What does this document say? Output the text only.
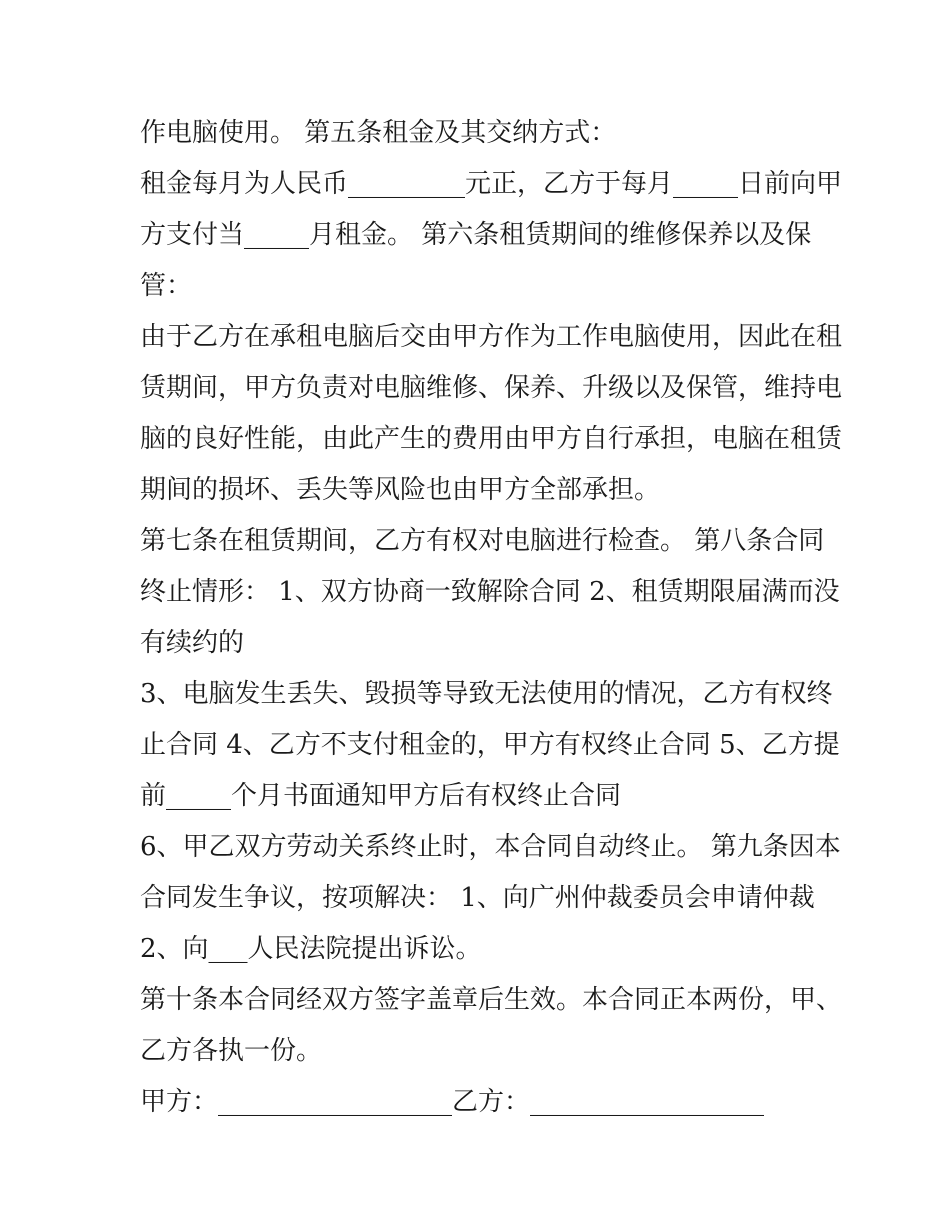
作电脑使用。 第五条租金及其交纳方式：
租金每月为人民币_________元正，乙方于每月_____日前向甲
方支付当_____月租金。 第六条租赁期间的维修保养以及保
管：
由于乙方在承租电脑后交由甲方作为工作电脑使用，因此在租
赁期间，甲方负责对电脑维修、保养、升级以及保管，维持电
脑的良好性能，由此产生的费用由甲方自行承担，电脑在租赁
期间的损坏、丢失等风险也由甲方全部承担。
第七条在租赁期间，乙方有权对电脑进行检查。 第八条合同
终止情形： 1、双方协商一致解除合同 2、租赁期限届满而没
有续约的
3、电脑发生丢失、毁损等导致无法使用的情况，乙方有权终
止合同 4、乙方不支付租金的，甲方有权终止合同 5、乙方提
前_____个月书面通知甲方后有权终止合同
6、甲乙双方劳动关系终止时，本合同自动终止。 第九条因本
合同发生争议，按项解决： 1、向广州仲裁委员会申请仲裁
2、向___人民法院提出诉讼。
第十条本合同经双方签字盖章后生效。本合同正本两份，甲、
乙方各执一份。
甲方：__________________乙方：__________________
